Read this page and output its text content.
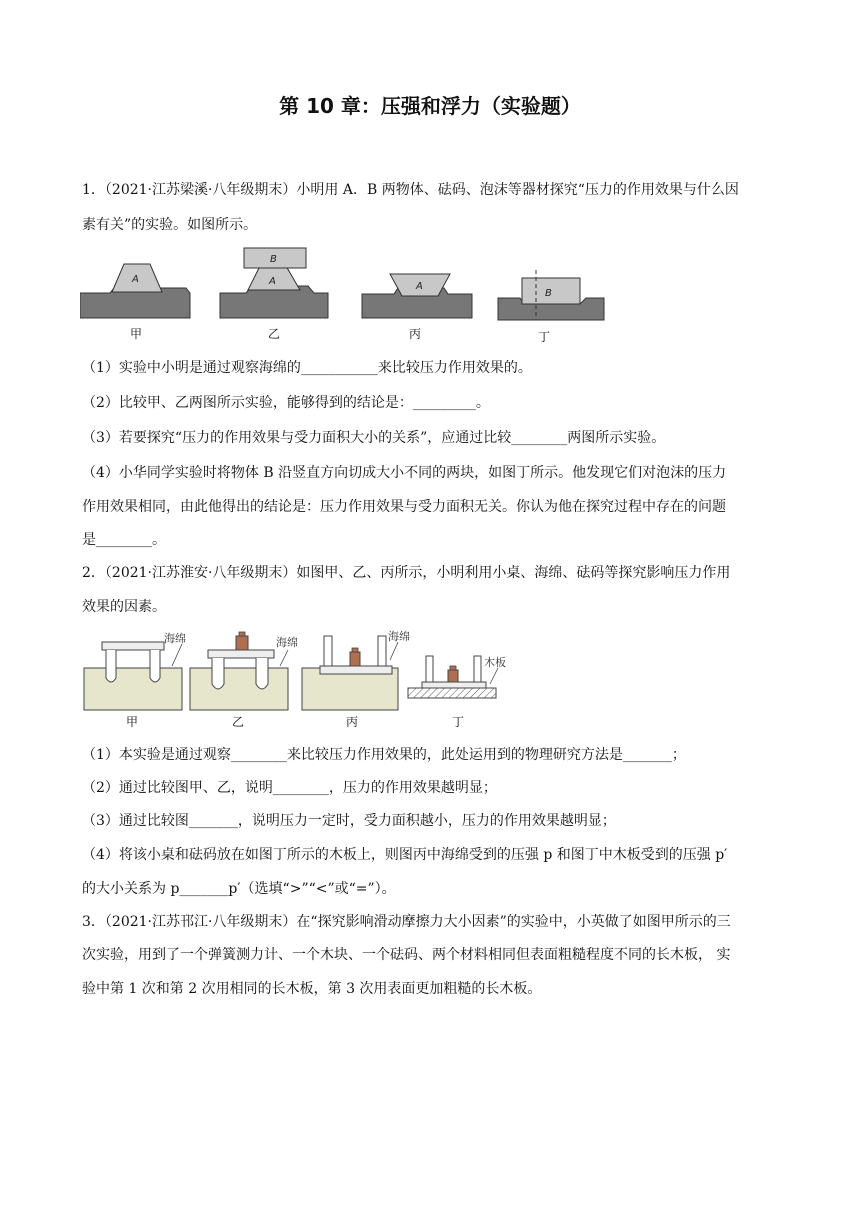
第 10 章：压强和浮力（实验题）
1．（2021·江苏梁溪·八年级期末）小明用 A．B 两物体、砝码、泡沫等器材探究“压力的作用效果与什么因
素有关”的实验。如图所示。
A
甲
B
A
乙
A
丙
B
丁
（1）实验中小明是通过观察海绵的___________来比较压力作用效果的。
（2）比较甲、乙两图所示实验，能够得到的结论是：_________。
（3）若要探究“压力的作用效果与受力面积大小的关系”，应通过比较________两图所示实验。
（4）小华同学实验时将物体 B 沿竖直方向切成大小不同的两块，如图丁所示。他发现它们对泡沫的压力
作用效果相同，由此他得出的结论是：压力作用效果与受力面积无关。你认为他在探究过程中存在的问题
是________。
2．（2021·江苏淮安·八年级期末）如图甲、乙、丙所示，小明利用小桌、海绵、砝码等探究影响压力作用
效果的因素。
海绵
甲
海绵
乙
海绵
丙
木板
丁
（1）本实验是通过观察________来比较压力作用效果的，此处运用到的物理研究方法是_______；
（2）通过比较图甲、乙，说明________，压力的作用效果越明显；
（3）通过比较图_______，说明压力一定时，受力面积越小，压力的作用效果越明显；
（4）将该小桌和砝码放在如图丁所示的木板上，则图丙中海绵受到的压强 p 和图丁中木板受到的压强 p′
的大小关系为 p_______p′（选填“>”“<”或“=”）。
3．（2021·江苏邗江·八年级期末）在“探究影响滑动摩擦力大小因素”的实验中，小英做了如图甲所示的三
次实验，用到了一个弹簧测力计、一个木块、一个砝码、两个材料相同但表面粗糙程度不同的长木板， 实
验中第 1 次和第 2 次用相同的长木板，第 3 次用表面更加粗糙的长木板。
